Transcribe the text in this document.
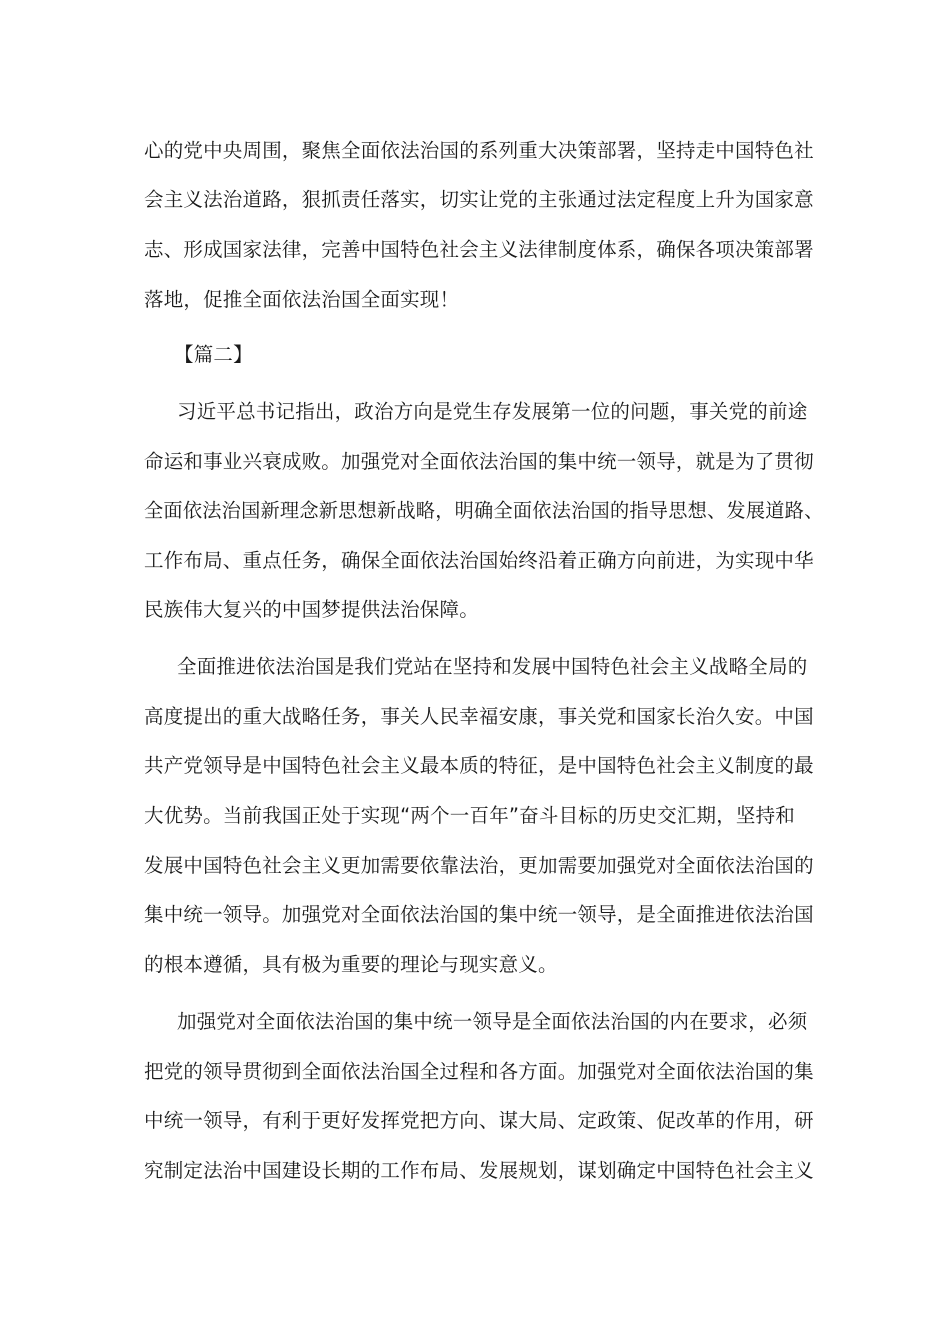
心的党中央周围，聚焦全面依法治国的系列重大决策部署，坚持走中国特色社
会主义法治道路，狠抓责任落实，切实让党的主张通过法定程度上升为国家意
志、形成国家法律，完善中国特色社会主义法律制度体系，确保各项决策部署
落地，促推全面依法治国全面实现！
【篇二】
习近平总书记指出，政治方向是党生存发展第一位的问题，事关党的前途
命运和事业兴衰成败。加强党对全面依法治国的集中统一领导，就是为了贯彻
全面依法治国新理念新思想新战略，明确全面依法治国的指导思想、发展道路、
工作布局、重点任务，确保全面依法治国始终沿着正确方向前进，为实现中华
民族伟大复兴的中国梦提供法治保障。
全面推进依法治国是我们党站在坚持和发展中国特色社会主义战略全局的
高度提出的重大战略任务，事关人民幸福安康，事关党和国家长治久安。中国
共产党领导是中国特色社会主义最本质的特征，是中国特色社会主义制度的最
大优势。当前我国正处于实现“两个一百年”奋斗目标的历史交汇期，坚持和
发展中国特色社会主义更加需要依靠法治，更加需要加强党对全面依法治国的
集中统一领导。加强党对全面依法治国的集中统一领导，是全面推进依法治国
的根本遵循，具有极为重要的理论与现实意义。
加强党对全面依法治国的集中统一领导是全面依法治国的内在要求，必须
把党的领导贯彻到全面依法治国全过程和各方面。加强党对全面依法治国的集
中统一领导，有利于更好发挥党把方向、谋大局、定政策、促改革的作用，研
究制定法治中国建设长期的工作布局、发展规划，谋划确定中国特色社会主义
